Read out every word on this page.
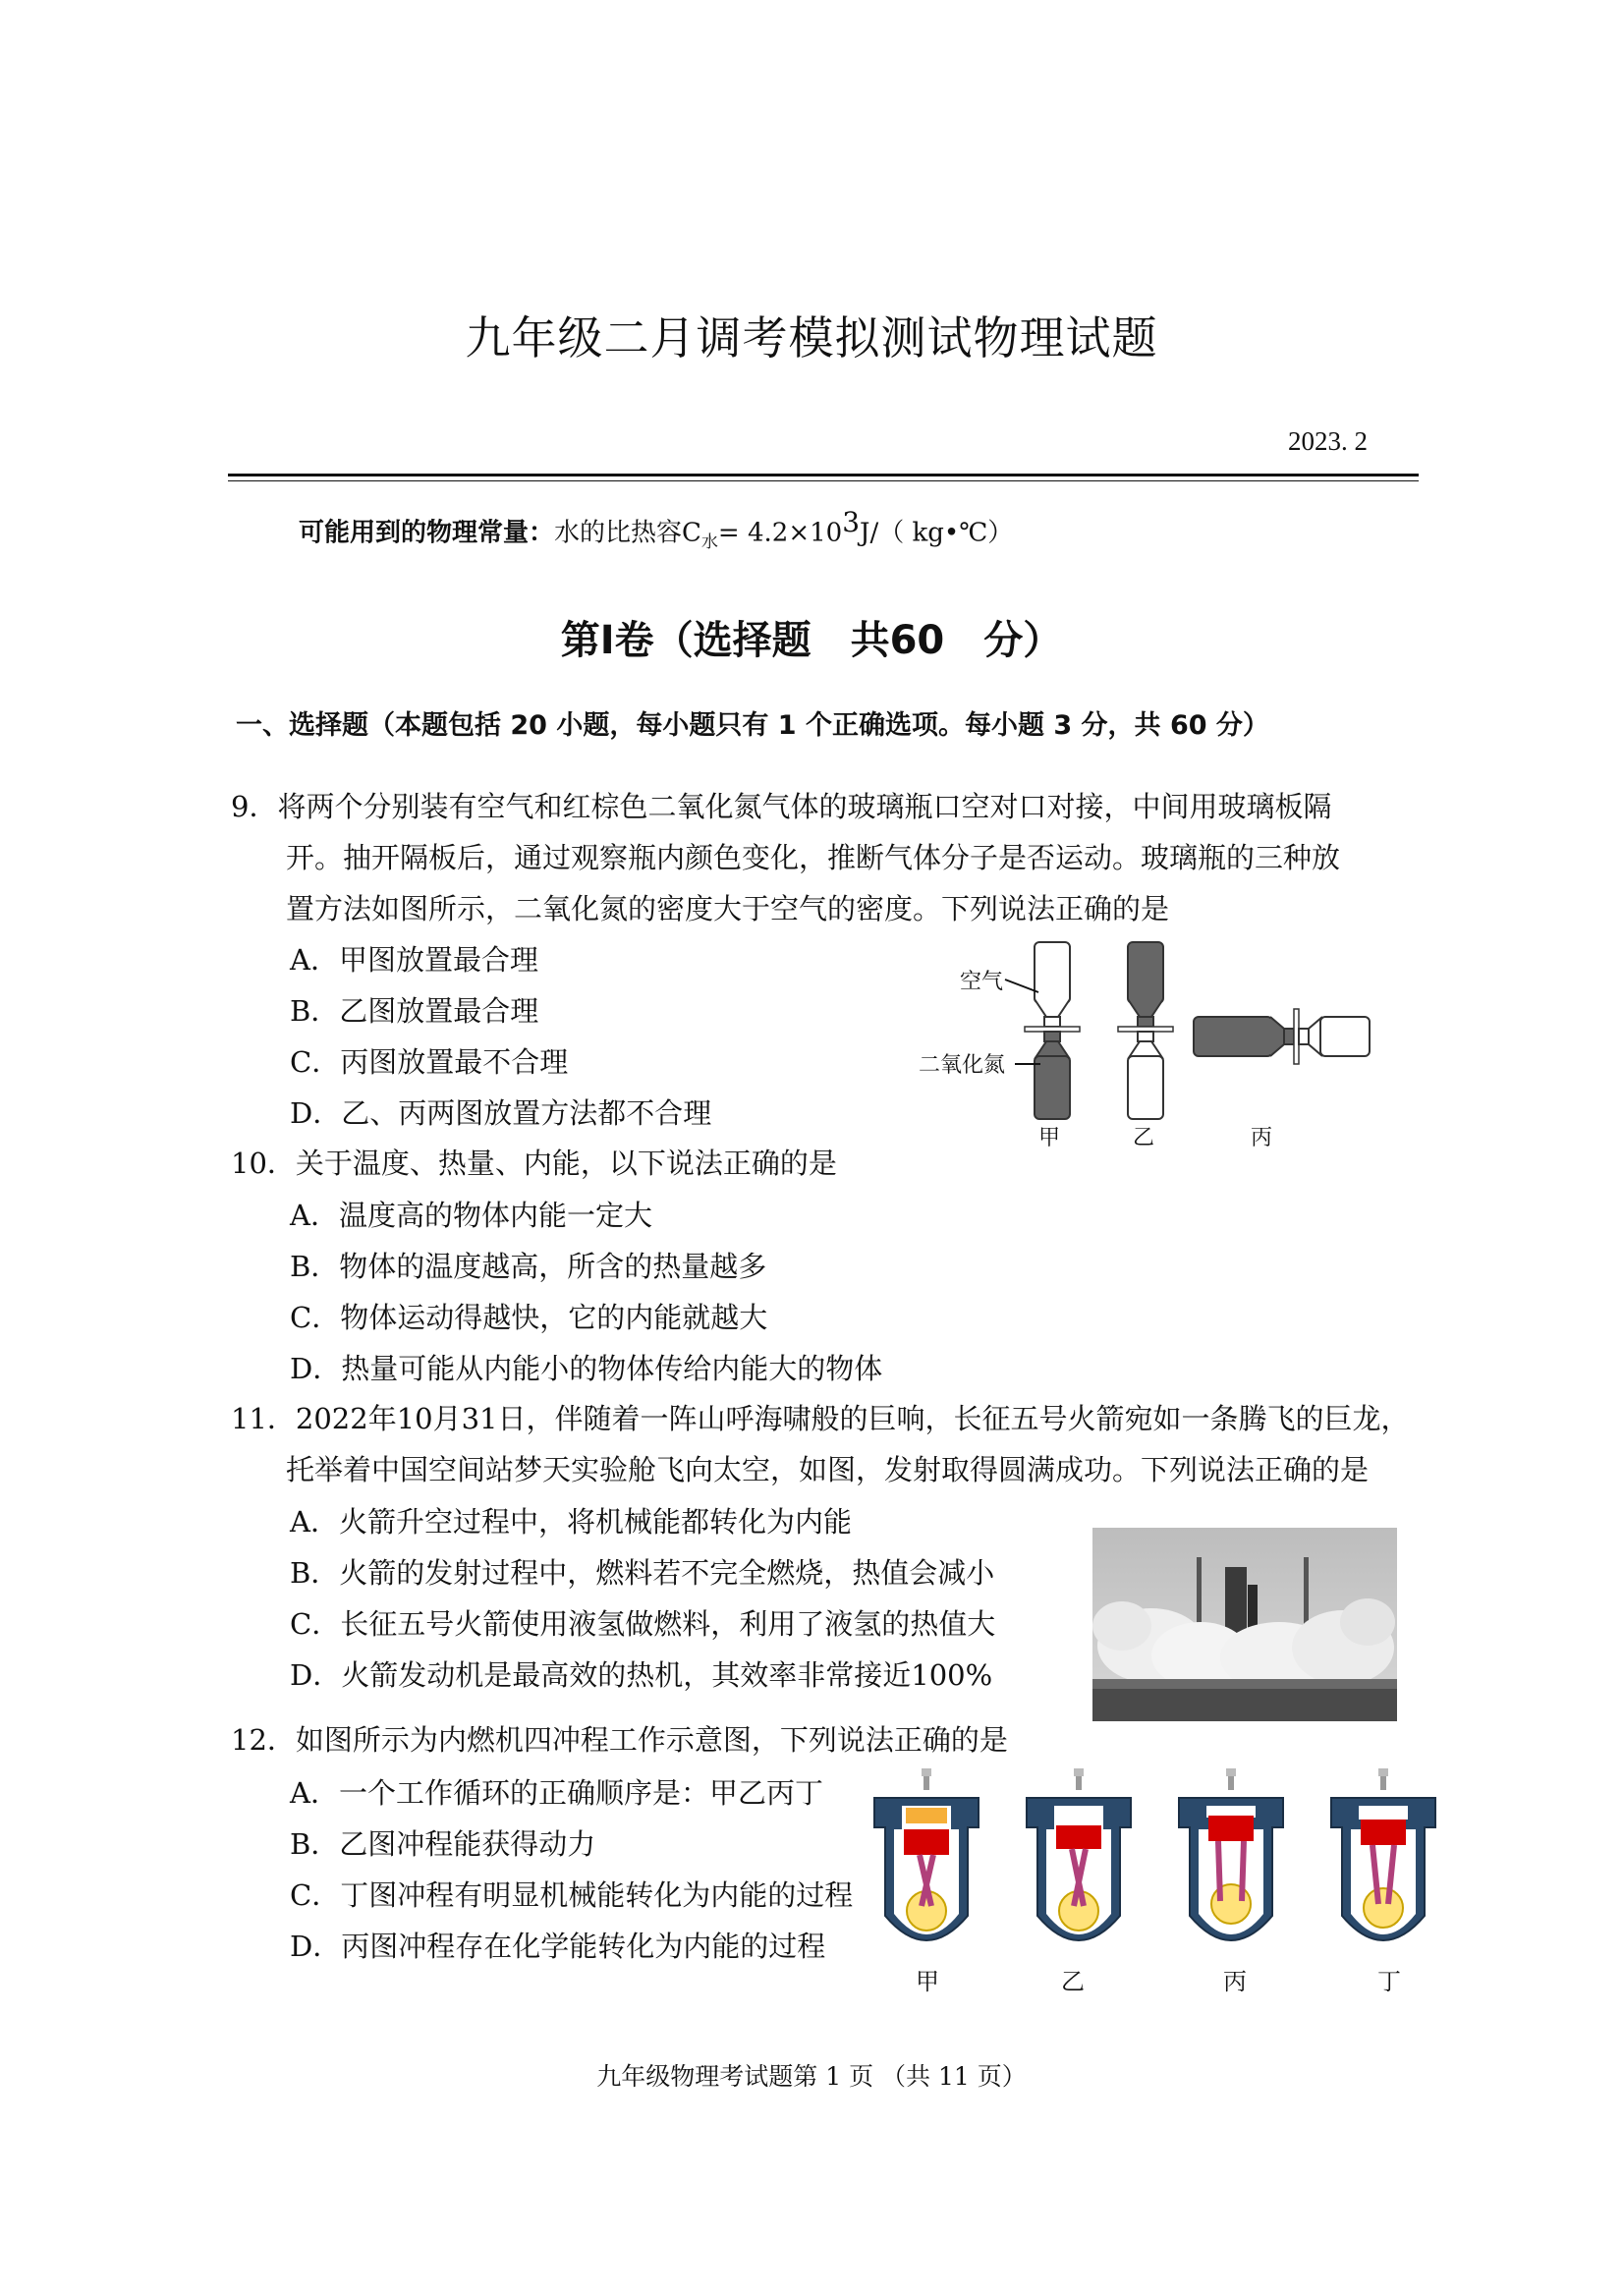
九年级二月调考模拟测试物理试题
2023. 2
可能用到的物理常量：水的比热容$C_水= 4.2\times 10^3J/$（ kg•℃）
第Ⅰ卷（选择题　共60　分）
一、选择题（本题包括 20 小题，每小题只有 1 个正确选项。每小题 3 分，共 60 分）
9．将两个分别装有空气和红棕色二氧化氮气体的玻璃瓶口空对口对接，中间用玻璃板隔
开。抽开隔板后，通过观察瓶内颜色变化，推断气体分子是否运动。玻璃瓶的三种放
置方法如图所示，二氧化氮的密度大于空气的密度。下列说法正确的是
A．甲图放置最合理
B．乙图放置最合理
C．丙图放置最不合理
D．乙、丙两图放置方法都不合理
空气
二氧化氮
甲	乙	丙
10．关于温度、热量、内能，以下说法正确的是
A．温度高的物体内能一定大
B．物体的温度越高，所含的热量越多
C．物体运动得越快，它的内能就越大
D．热量可能从内能小的物体传给内能大的物体
11．2022年10月31日，伴随着一阵山呼海啸般的巨响，长征五号火箭宛如一条腾飞的巨龙，
托举着中国空间站梦天实验舱飞向太空，如图，发射取得圆满成功。下列说法正确的是
A．火箭升空过程中，将机械能都转化为内能
B．火箭的发射过程中，燃料若不完全燃烧，热值会减小
C．长征五号火箭使用液氢做燃料，利用了液氢的热值大
D．火箭发动机是最高效的热机，其效率非常接近100%
12．如图所示为内燃机四冲程工作示意图，下列说法正确的是
A．一个工作循环的正确顺序是：甲乙丙丁
B．乙图冲程能获得动力
C．丁图冲程有明显机械能转化为内能的过程
D．丙图冲程存在化学能转化为内能的过程
甲	乙	丙	丁
九年级物理考试题第 1 页 （共 11 页）
